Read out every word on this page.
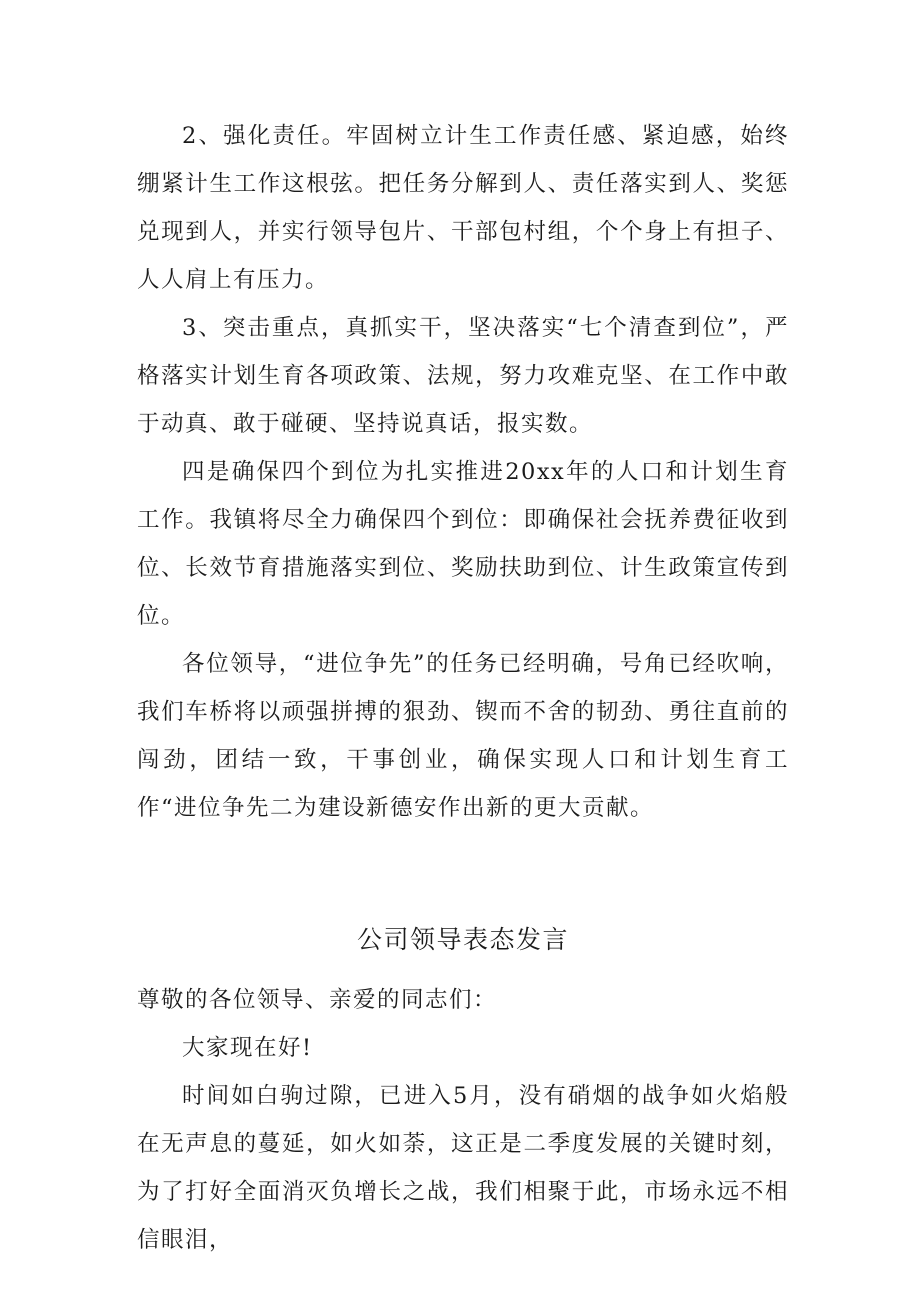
2、强化责任。牢固树立计生工作责任感、紧迫感，始终绷紧计生工作这根弦。把任务分解到人、责任落实到人、奖惩兑现到人，并实行领导包片、干部包村组，个个身上有担子、人人肩上有压力。

3、突击重点，真抓实干，坚决落实“七个清查到位”，严格落实计划生育各项政策、法规，努力攻难克坚、在工作中敢于动真、敢于碰硬、坚持说真话，报实数。

四是确保四个到位为扎实推进20xx年的人口和计划生育工作。我镇将尽全力确保四个到位：即确保社会抚养费征收到位、长效节育措施落实到位、奖励扶助到位、计生政策宣传到位。

各位领导，“进位争先”的任务已经明确，号角已经吹响，我们车桥将以顽强拼搏的狠劲、锲而不舍的韧劲、勇往直前的闯劲，团结一致，干事创业，确保实现人口和计划生育工作“进位争先二为建设新德安作出新的更大贡献。

公司领导表态发言

尊敬的各位领导、亲爱的同志们：

大家现在好!

时间如白驹过隙，已进入5月，没有硝烟的战争如火焰般在无声息的蔓延，如火如荼，这正是二季度发展的关键时刻，为了打好全面消灭负增长之战，我们相聚于此，市场永远不相信眼泪，
